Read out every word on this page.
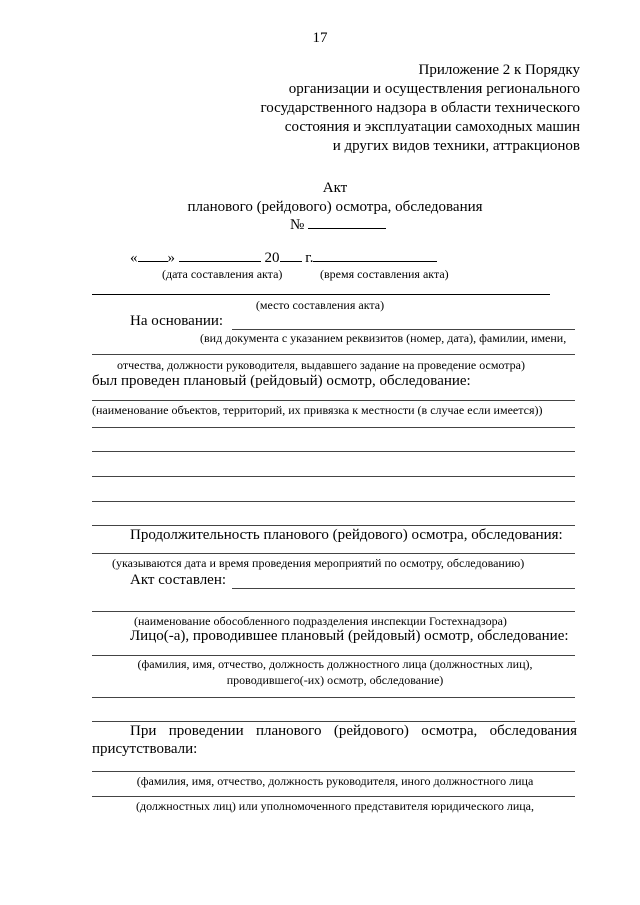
17
Приложение 2 к Порядку
организации и осуществления регионального
государственного надзора в области технического
состояния и эксплуатации самоходных машин
и других видов техники, аттракционов
Акт
планового (рейдового) осмотра, обследования
№
« »	20 г.
(дата составления акта)	(время составления акта)
(место составления акта)
На основании:
(вид документа с указанием реквизитов (номер, дата), фамилии, имени,
отчества, должности руководителя, выдавшего задание на проведение осмотра)
был проведен плановый (рейдовый) осмотр, обследование:
(наименование объектов, территорий, их привязка к местности (в случае если имеется))
Продолжительность планового (рейдового) осмотра, обследования:
(указываются дата и время проведения мероприятий по осмотру, обследованию)
Акт составлен:
(наименование обособленного подразделения инспекции Гостехнадзора)
Лицо(-а), проводившее плановый (рейдовый) осмотр, обследование:
(фамилия, имя, отчество, должность должностного лица (должностных лиц),
проводившего(-их) осмотр, обследование)
При проведении планового (рейдового) осмотра, обследования
присутствовали:
(фамилия, имя, отчество, должность руководителя, иного должностного лица
(должностных лиц) или уполномоченного представителя юридического лица,
